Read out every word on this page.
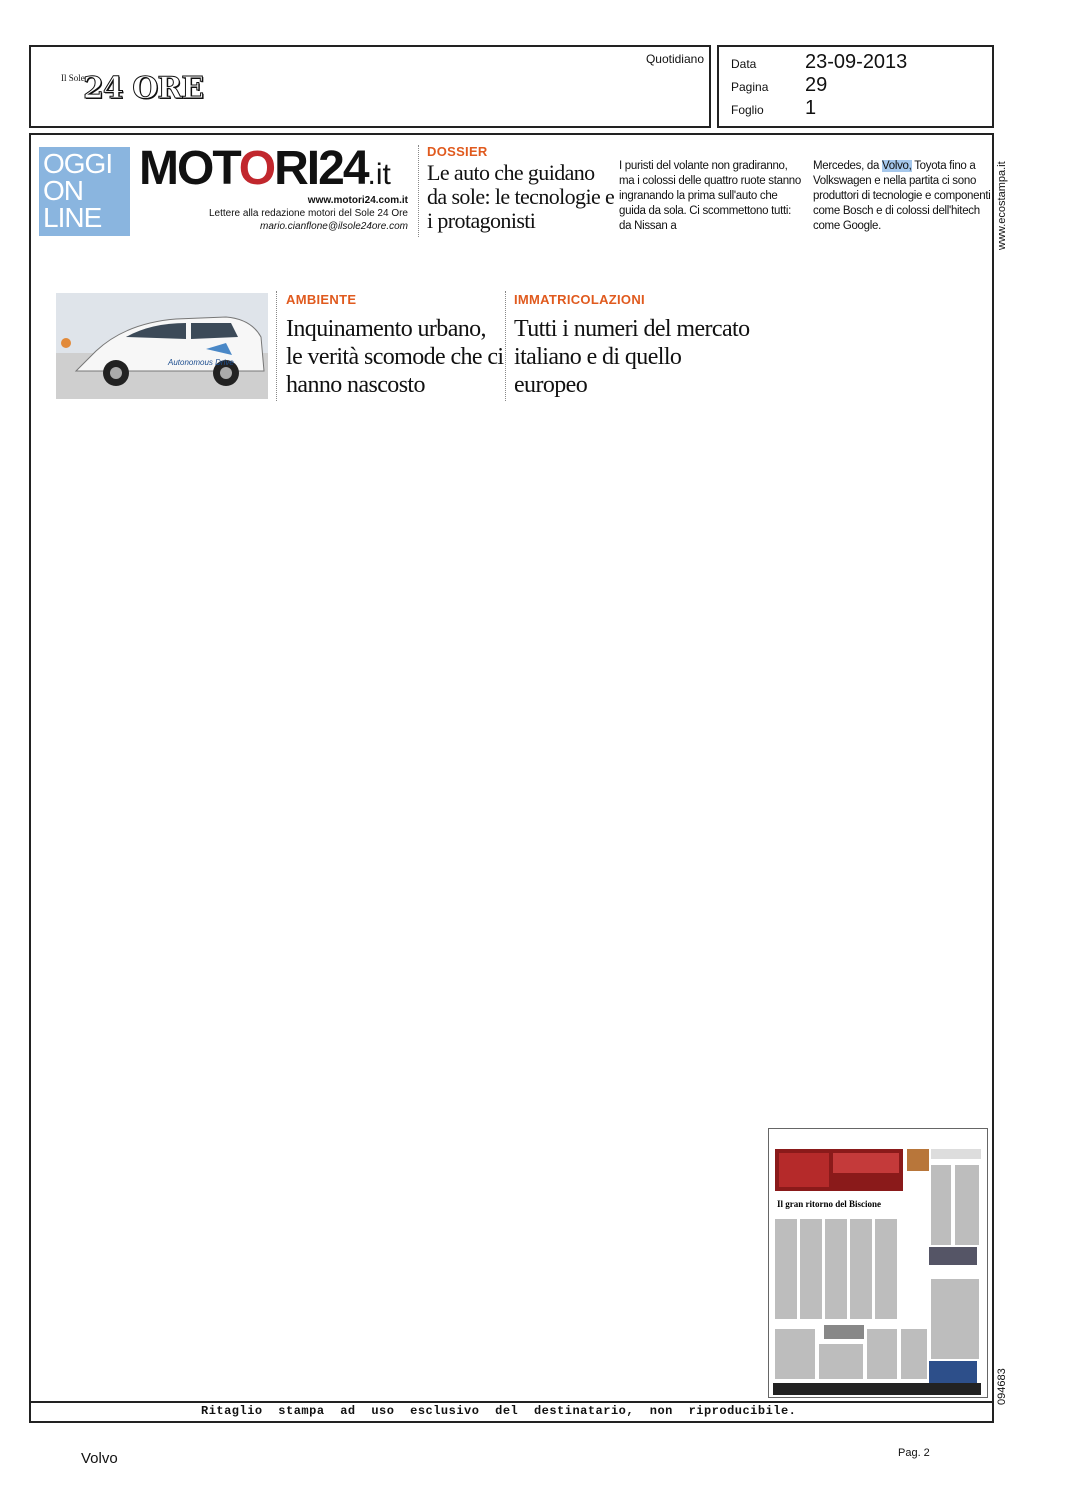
Il Sole
24 ORE
Quotidiano Data 23-09-2013
Pagina 29
Foglio 1
OGGI
ON
LINE
MOTORI24.it
www.motori24.com.it
Lettere alla redazione motori del Sole 24 Ore
mario.cianflone@ilsole24ore.com
DOSSIER
Le auto che guidano da sole: le tecnologie e i protagonisti
I puristi del volante non gradiranno, ma i colossi delle quattro ruote stanno ingranando la prima sull'auto che guida da sola. Ci scommettono tutti: da Nissan a
Mercedes, da Volvo, Toyota fino a Volkswagen e nella partita ci sono produttori di tecnologie e componenti come Bosch e di colossi dell'hitech come Google.
Autonomous Drive
AMBIENTE
Inquinamento urbano, le verità scomode che ci hanno nascosto
IMMATRICOLAZIONI
Tutti i numeri del mercato italiano e di quello europeo
Il gran ritorno del Biscione
Ritaglio stampa ad uso esclusivo del destinatario, non riproducibile.
www.ecostampa.it
094683
Volvo	Pag. 2
